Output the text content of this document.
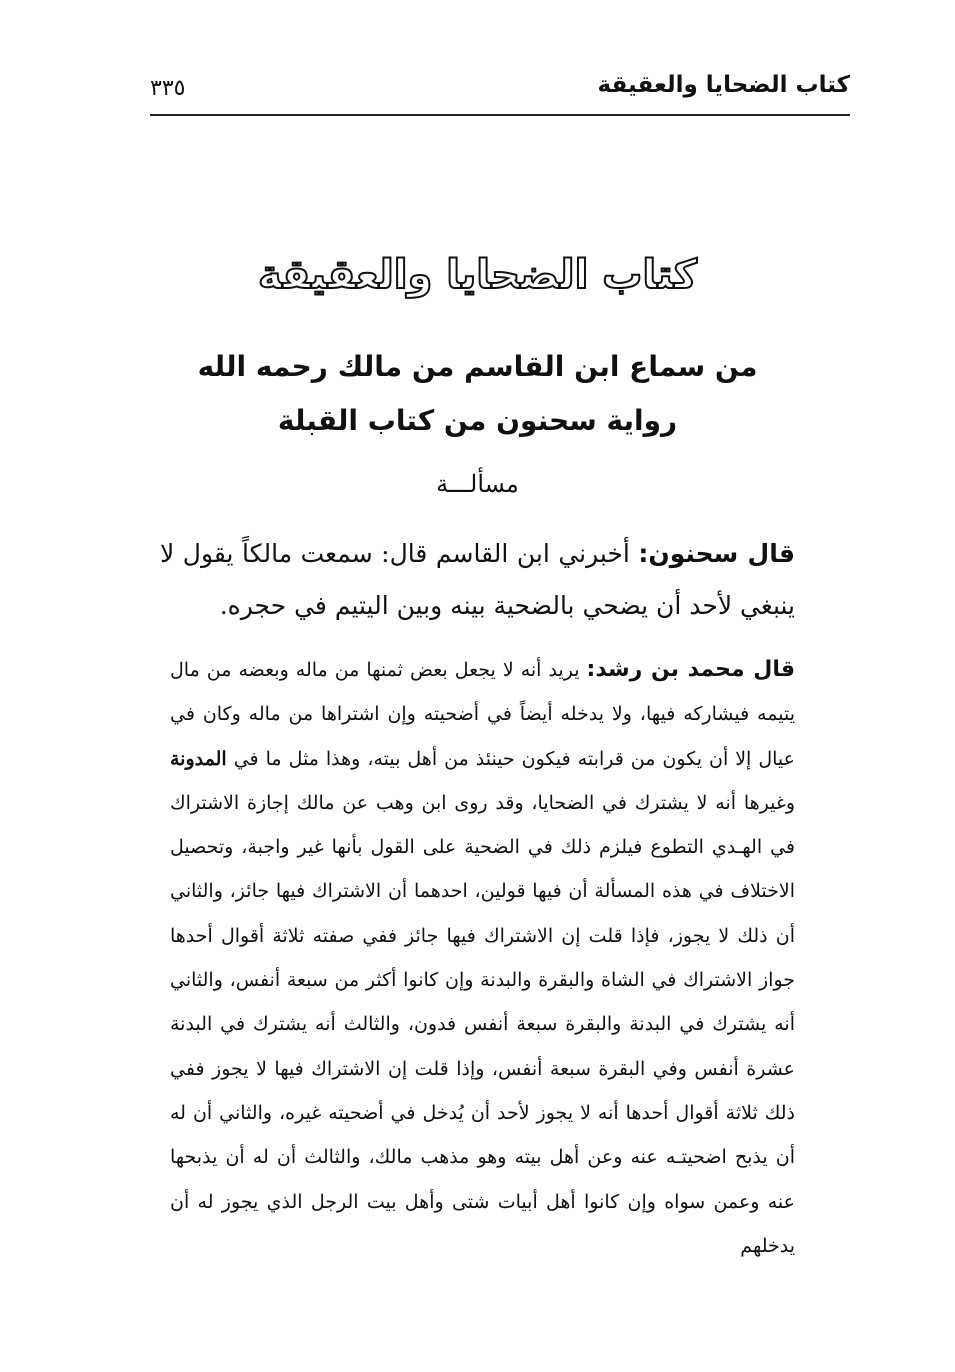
كتاب الضحايا والعقيقة
٣٣٥
كتاب الضحايا والعقيقة
من سماع ابن القاسم من مالك رحمه الله
رواية سحنون من كتاب القبلة
مسألـــة
قال سحنون: أخبرني ابن القاسم قال: سمعت مالكاً يقول لا ينبغي لأحد أن يضحي بالضحية بينه وبين اليتيم في حجره.
قال محمد بن رشد: يريد أنه لا يجعل بعض ثمنها من ماله وبعضه من مال يتيمه فيشاركه فيها، ولا يدخله أيضاً في أضحيته وإن اشتراها من ماله وكان في عيال إلا أن يكون من قرابته فيكون حينئذ من أهل بيته، وهذا مثل ما في المدونة وغيرها أنه لا يشترك في الضحايا، وقد روى ابن وهب عن مالك إجازة الاشتراك في الهـدي التطوع فيلزم ذلك في الضحية على القول بأنها غير واجبة، وتحصيل الاختلاف في هذه المسألة أن فيها قولين، احدهما أن الاشتراك فيها جائز، والثاني أن ذلك لا يجوز، فإذا قلت إن الاشتراك فيها جائز ففي صفته ثلاثة أقوال أحدها جواز الاشتراك في الشاة والبقرة والبدنة وإن كانوا أكثر من سبعة أنفس، والثاني أنه يشترك في البدنة والبقرة سبعة أنفس فدون، والثالث أنه يشترك في البدنة عشرة أنفس وفي البقرة سبعة أنفس، وإذا قلت إن الاشتراك فيها لا يجوز ففي ذلك ثلاثة أقوال أحدها أنه لا يجوز لأحد أن يُدخل في أضحيته غيره، والثاني أن له أن يذبح اضحيتـه عنه وعن أهل بيته وهو مذهب مالك، والثالث أن له أن يذبحها عنه وعمن سواه وإن كانوا أهل أبيات شتى وأهل بيت الرجل الذي يجوز له أن يدخلهم
